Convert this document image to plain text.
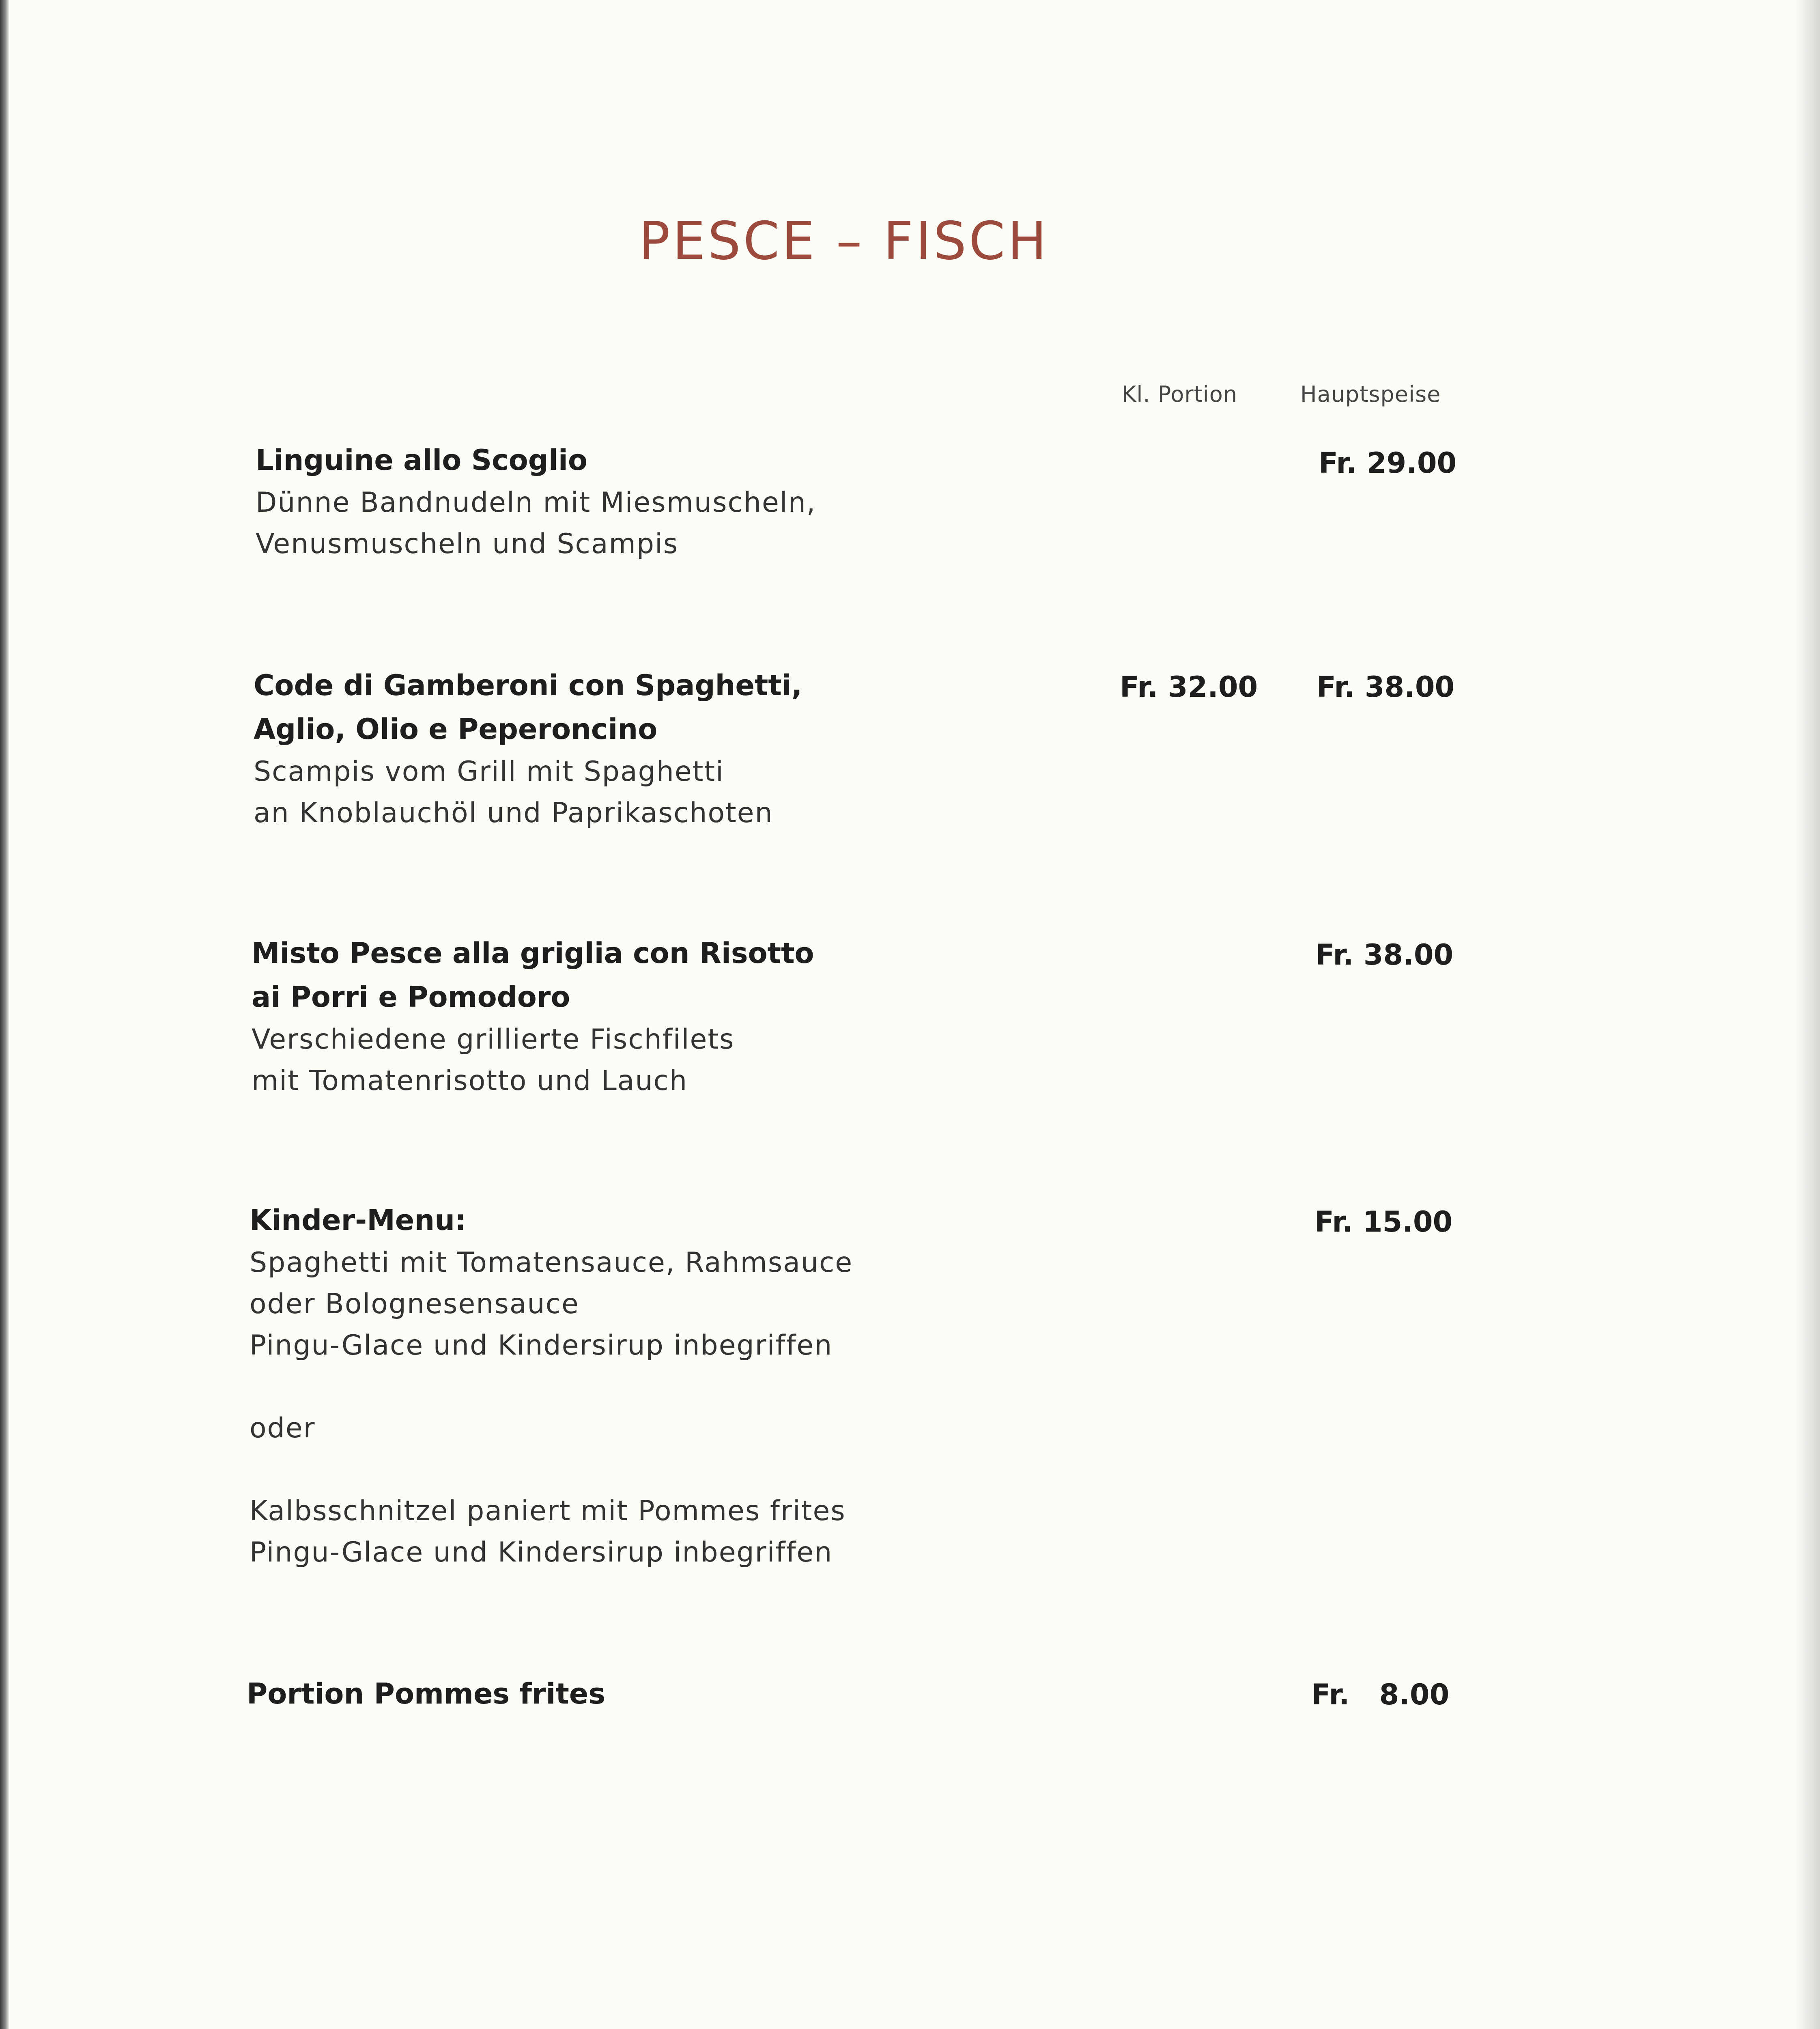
PESCE – FISCH
Kl. Portion	Hauptspeise
Linguine allo Scoglio
Dünne Bandnudeln mit Miesmuscheln,
Venusmuscheln und Scampis
Fr. 29.00
Code di Gamberoni con Spaghetti,
Aglio, Olio e Peperoncino
Scampis vom Grill mit Spaghetti
an Knoblauchöl und Paprikaschoten
Fr. 32.00 Fr. 38.00
Misto Pesce alla griglia con Risotto
ai Porri e Pomodoro
Verschiedene grillierte Fischfilets
mit Tomatenrisotto und Lauch
Fr. 38.00
Kinder-Menu:
Spaghetti mit Tomatensauce, Rahmsauce
oder Bolognesensauce
Pingu-Glace und Kindersirup inbegriffen
oder
Kalbsschnitzel paniert mit Pommes frites
Pingu-Glace und Kindersirup inbegriffen
Fr. 15.00
Portion Pommes frites	Fr.   8.00
